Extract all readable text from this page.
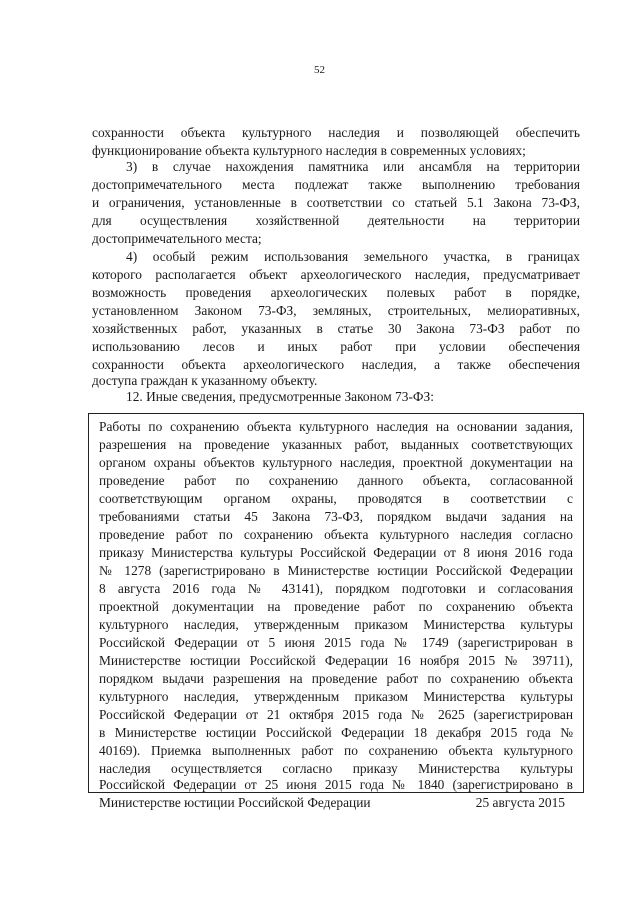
52

сохранности объекта культурного наследия и позволяющей обеспечить

функционирование объекта культурного наследия в современных условиях;

3) в случае нахождения памятника или ансамбля на территории

достопримечательного места подлежат также выполнению требования

и ограничения, установленные в соответствии со статьей 5.1 Закона 73-ФЗ,

для осуществления хозяйственной деятельности на территории

достопримечательного места;

4) особый режим использования земельного участка, в границах

которого располагается объект археологического наследия, предусматривает

возможность проведения археологических полевых работ в порядке,

установленном Законом 73-ФЗ, земляных, строительных, мелиоративных,

хозяйственных работ, указанных в статье 30 Закона 73-ФЗ работ по

использованию лесов и иных работ при условии обеспечения

сохранности объекта археологического наследия, а также обеспечения

доступа граждан к указанному объекту.

12. Иные сведения, предусмотренные Законом 73-ФЗ:

Работы по сохранению объекта культурного наследия на основании задания,

разрешения на проведение указанных работ, выданных соответствующих

органом охраны объектов культурного наследия, проектной документации на

проведение работ по сохранению данного объекта, согласованной

соответствующим органом охраны, проводятся в соответствии с

требованиями статьи 45 Закона 73-ФЗ, порядком выдачи задания на

проведение работ по сохранению объекта культурного наследия согласно

приказу Министерства культуры Российской Федерации от 8 июня 2016 года

№ 1278 (зарегистрировано в Министерстве юстиции Российской Федерации

8 августа 2016 года № 43141), порядком подготовки и согласования

проектной документации на проведение работ по сохранению объекта

культурного наследия, утвержденным приказом Министерства культуры

Российской Федерации от 5 июня 2015 года № 1749 (зарегистрирован в

Министерстве юстиции Российской Федерации 16 ноября 2015 № 39711),

порядком выдачи разрешения на проведение работ по сохранению объекта

культурного наследия, утвержденным приказом Министерства культуры

Российской Федерации от 21 октября 2015 года № 2625 (зарегистрирован

в Министерстве юстиции Российской Федерации 18 декабря 2015 года №

40169). Приемка выполненных работ по сохранению объекта культурного

наследия осуществляется согласно приказу Министерства культуры

Российской Федерации от 25 июня 2015 года № 1840 (зарегистрировано в

Министерстве юстиции Российской Федерации	25 августа 2015
